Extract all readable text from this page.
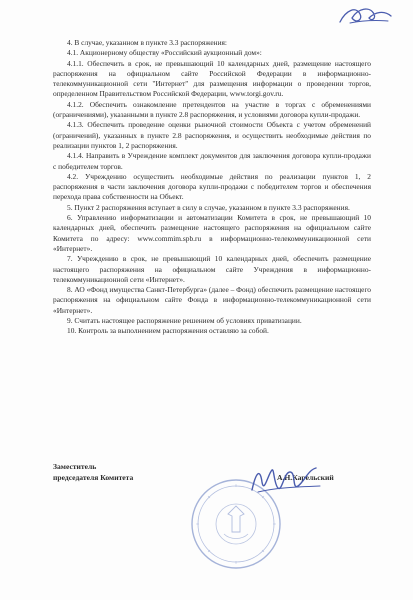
4. В случае, указанном в пункте 3.3 распоряжения:

4.1. Акционерному обществу «Российский аукционный дом»:

4.1.1. Обеспечить в срок, не превышающий 10 календарных дней, размещение настоящего распоряжения на официальном сайте Российской Федерации в информационно-телекоммуникационной сети "Интернет" для размещения информации о проведении торгов, определенном Правительством Российской Федерации, www.torgi.gov.ru.

4.1.2. Обеспечить ознакомление претендентов на участие в торгах с обременениями (ограничениями), указанными в пункте 2.8 распоряжения, и условиями договора купли-продажи.

4.1.3. Обеспечить проведение оценки рыночной стоимости Объекта с учетом обременений (ограничений), указанных в пункте 2.8 распоряжения, и осуществить необходимые действия по реализации пунктов 1, 2 распоряжения.

4.1.4. Направить в Учреждение комплект документов для заключения договора купли-продажи с победителем торгов.

4.2. Учреждению осуществить необходимые действия по реализации пунктов 1, 2 распоряжения в части заключения договора купли-продажи с победителем торгов и обеспечения перехода права собственности на Объект.

5. Пункт 2 распоряжения вступает в силу в случае, указанном в пункте 3.3 распоряжения.

6. Управлению информатизации и автоматизации Комитета в срок, не превышающий 10 календарных дней, обеспечить размещение настоящего распоряжения на официальном сайте Комитета по адресу: www.commim.spb.ru в информационно-телекоммуникационной сети «Интернет».

7. Учреждению в срок, не превышающий 10 календарных дней, обеспечить размещение настоящего распоряжения на официальном сайте Учреждения в информационно-телекоммуникационной сети «Интернет».

8. АО «Фонд имущества Санкт-Петербурга» (далее – Фонд) обеспечить размещение настоящего распоряжения на официальном сайте Фонда в информационно-телекоммуникационной сети «Интернет».

9. Считать настоящее распоряжение решением об условиях приватизации.

10. Контроль за выполнением распоряжения оставляю за собой.

Заместитель
председателя Комитета	А.Н.Карельский
